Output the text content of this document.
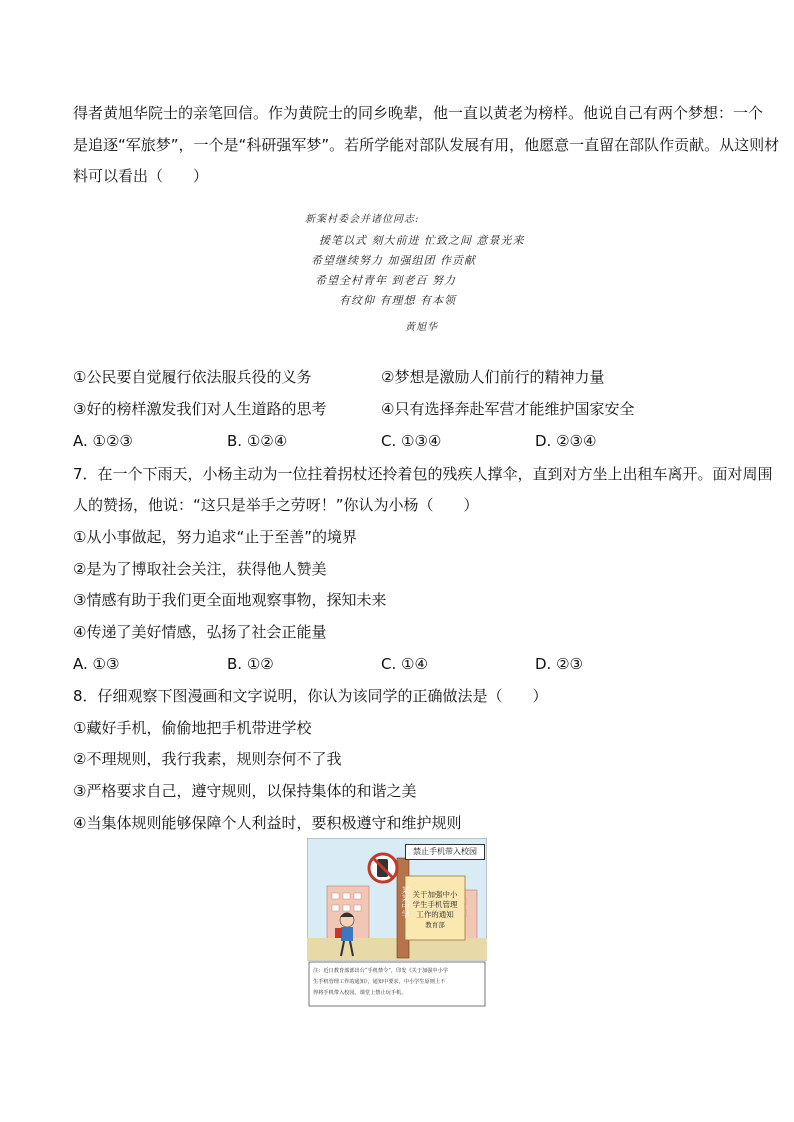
得者黄旭华院士的亲笔回信。作为黄院士的同乡晚辈，他一直以黄老为榜样。他说自己有两个梦想：一个
是追逐“军旅梦”，一个是“科研强军梦”。若所学能对部队发展有用，他愿意一直留在部队作贡献。从这则材
料可以看出（　　）
新案村委会并诸位同志:
援笔以式 刻大前进 忙致之间 意景光来
希望继续努力 加强组团 作贡献
希望全村青年 到老百 努力
有纹仰 有理想 有本领
黄旭华
①公民要自觉履行依法服兵役的义务	②梦想是激励人们前行的精神力量
③好的榜样激发我们对人生道路的思考	④只有选择奔赴军营才能维护国家安全
A. ①②③	B. ①②④	C. ①③④	D. ②③④
7．在一个下雨天，小杨主动为一位拄着拐杖还拎着包的残疾人撑伞，直到对方坐上出租车离开。面对周围
人的赞扬，他说：“这只是举手之劳呀！”你认为小杨（　　）
①从小事做起，努力追求“止于至善”的境界
②是为了博取社会关注，获得他人赞美
③情感有助于我们更全面地观察事物，探知未来
④传递了美好情感，弘扬了社会正能量
A. ①③	B. ①②	C. ①④	D. ②③
8．仔细观察下图漫画和文字说明，你认为该同学的正确做法是（　　）
①藏好手机，偷偷地把手机带进学校
②不理规则，我行我素，规则奈何不了我
③严格要求自己，遵守规则，以保持集体的和谐之美
④当集体规则能够保障个人利益时，要积极遵守和维护规则
禁止手机带入校园
某某中学 关于加强中小
学生手机管理
工作的通知
教育部
注：近日教育部部出台“手机禁令”，印发《关于加强中小学
生手机管理工作的通知》，通知中要求，中小学生原则上不
得将手机带入校园，课堂上禁止玩手机。
